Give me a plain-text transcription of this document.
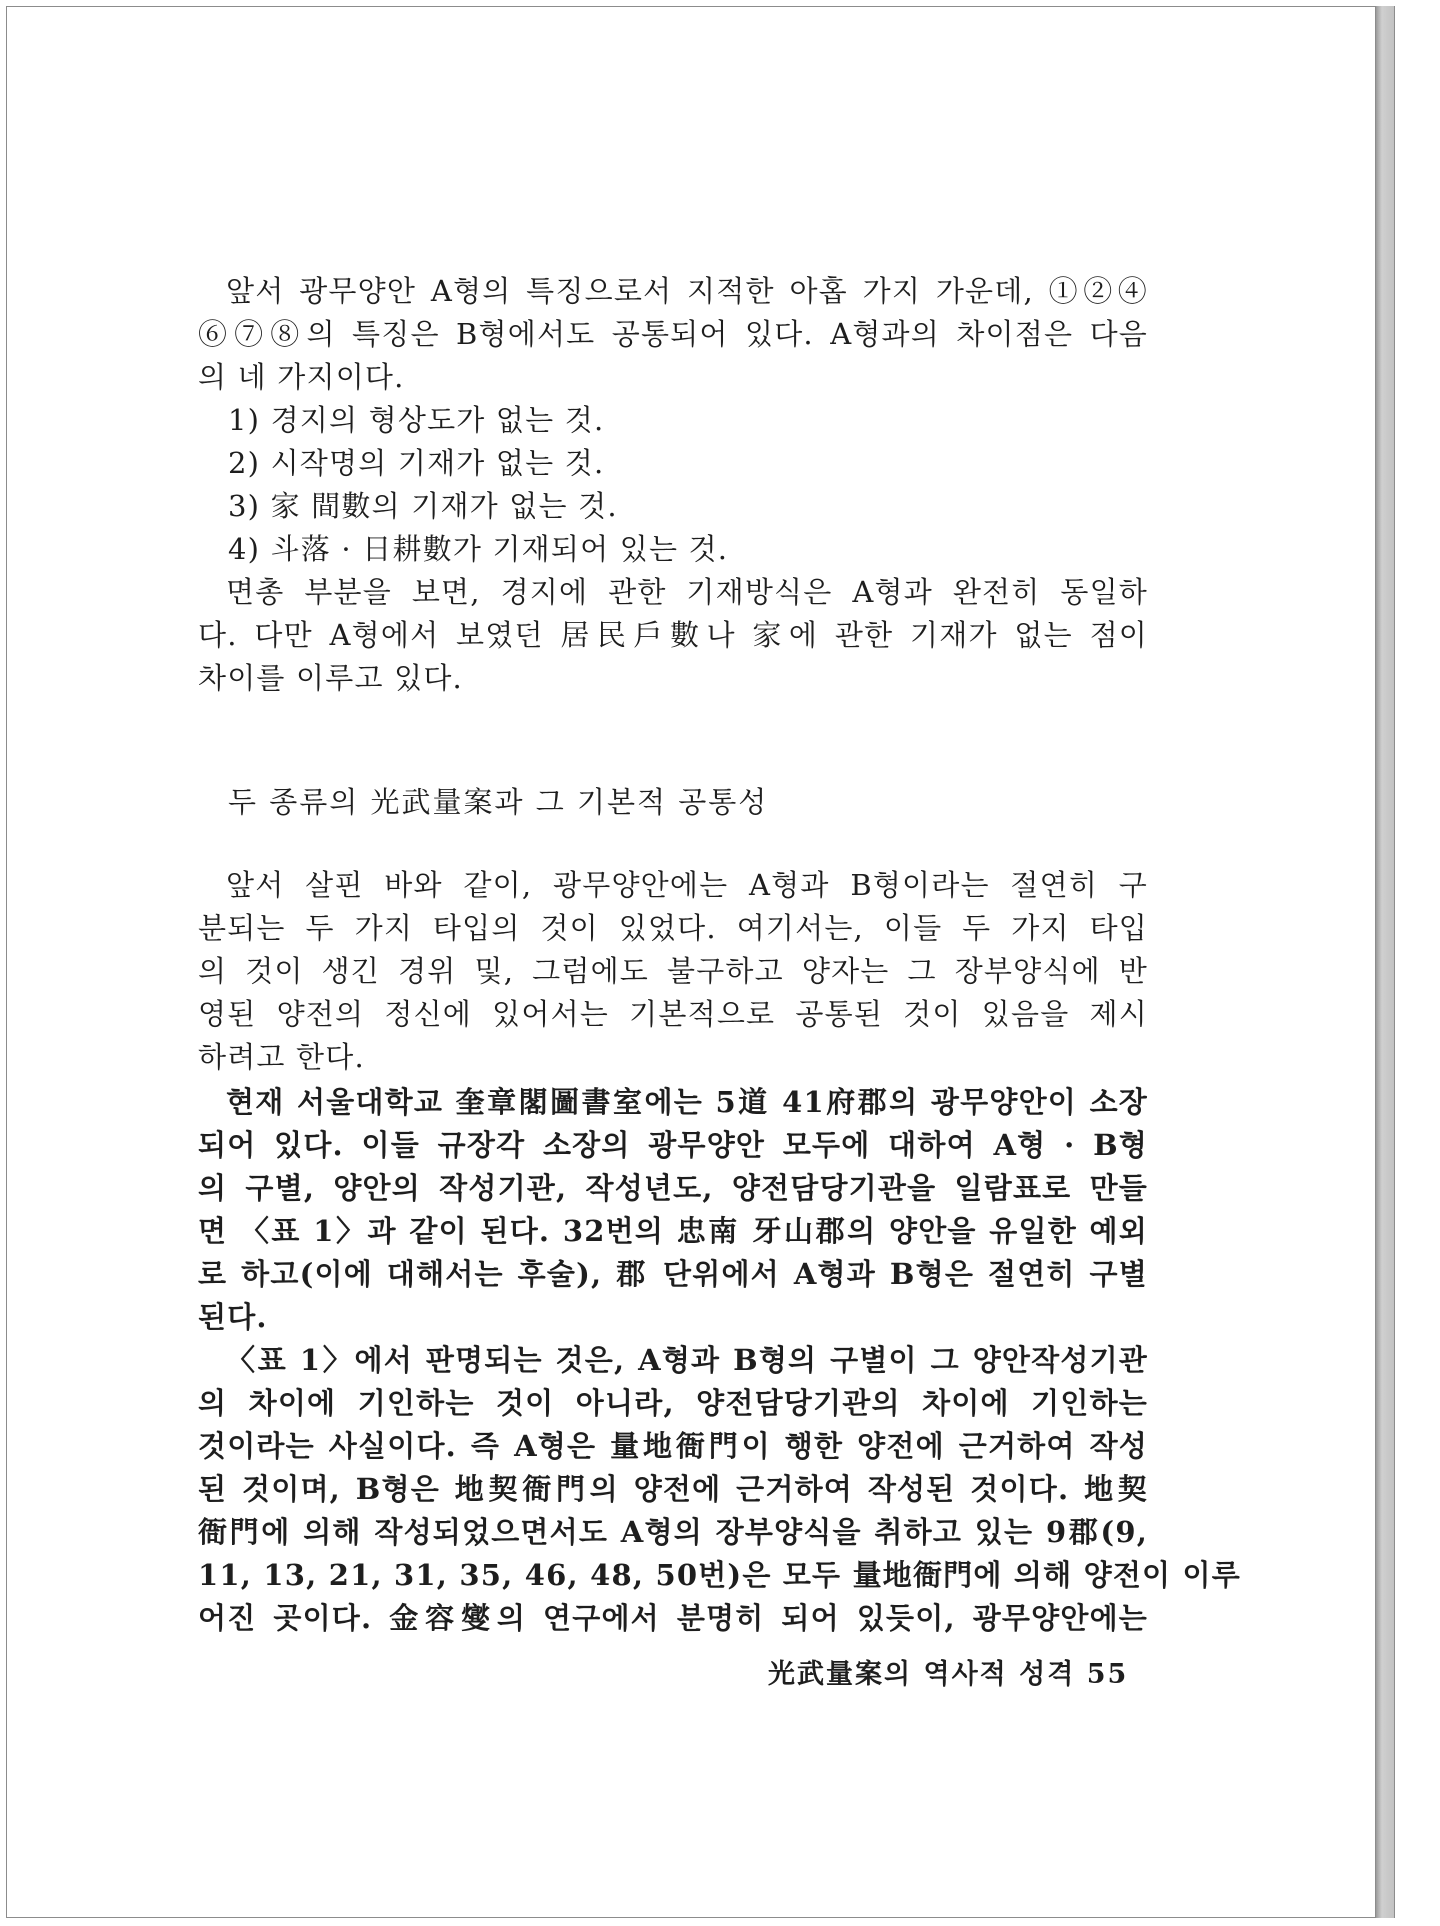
앞서 광무양안 A형의 특징으로서 지적한 아홉 가지 가운데, ①②④
⑥⑦⑧의 특징은 B형에서도 공통되어 있다. A형과의 차이점은 다음
의 네 가지이다.
1) 경지의 형상도가 없는 것.
2) 시작명의 기재가 없는 것.
3) 家 間數의 기재가 없는 것.
4) 斗落 · 日耕數가 기재되어 있는 것.
면총 부분을 보면, 경지에 관한 기재방식은 A형과 완전히 동일하
다. 다만 A형에서 보였던 居民戶數나 家에 관한 기재가 없는 점이
차이를 이루고 있다.
두 종류의 光武量案과 그 기본적 공통성
앞서 살핀 바와 같이, 광무양안에는 A형과 B형이라는 절연히 구
분되는 두 가지 타입의 것이 있었다. 여기서는, 이들 두 가지 타입
의 것이 생긴 경위 및, 그럼에도 불구하고 양자는 그 장부양식에 반
영된 양전의 정신에 있어서는 기본적으로 공통된 것이 있음을 제시
하려고 한다.
현재 서울대학교 奎章閣圖書室에는 5道 41府郡의 광무양안이 소장
되어 있다. 이들 규장각 소장의 광무양안 모두에 대하여 A형 · B형
의 구별, 양안의 작성기관, 작성년도, 양전담당기관을 일람표로 만들
면 〈표 1〉과 같이 된다. 32번의 忠南 牙山郡의 양안을 유일한 예외
로 하고(이에 대해서는 후술), 郡 단위에서 A형과 B형은 절연히 구별
된다.
〈표 1〉에서 판명되는 것은, A형과 B형의 구별이 그 양안작성기관
의 차이에 기인하는 것이 아니라, 양전담당기관의 차이에 기인하는
것이라는 사실이다. 즉 A형은 量地衙門이 행한 양전에 근거하여 작성
된 것이며, B형은 地契衙門의 양전에 근거하여 작성된 것이다. 地契
衙門에 의해 작성되었으면서도 A형의 장부양식을 취하고 있는 9郡(9,
11, 13, 21, 31, 35, 46, 48, 50번)은 모두 量地衙門에 의해 양전이 이루
어진 곳이다. 金容燮의 연구에서 분명히 되어 있듯이, 광무양안에는
光武量案의 역사적 성격 55
